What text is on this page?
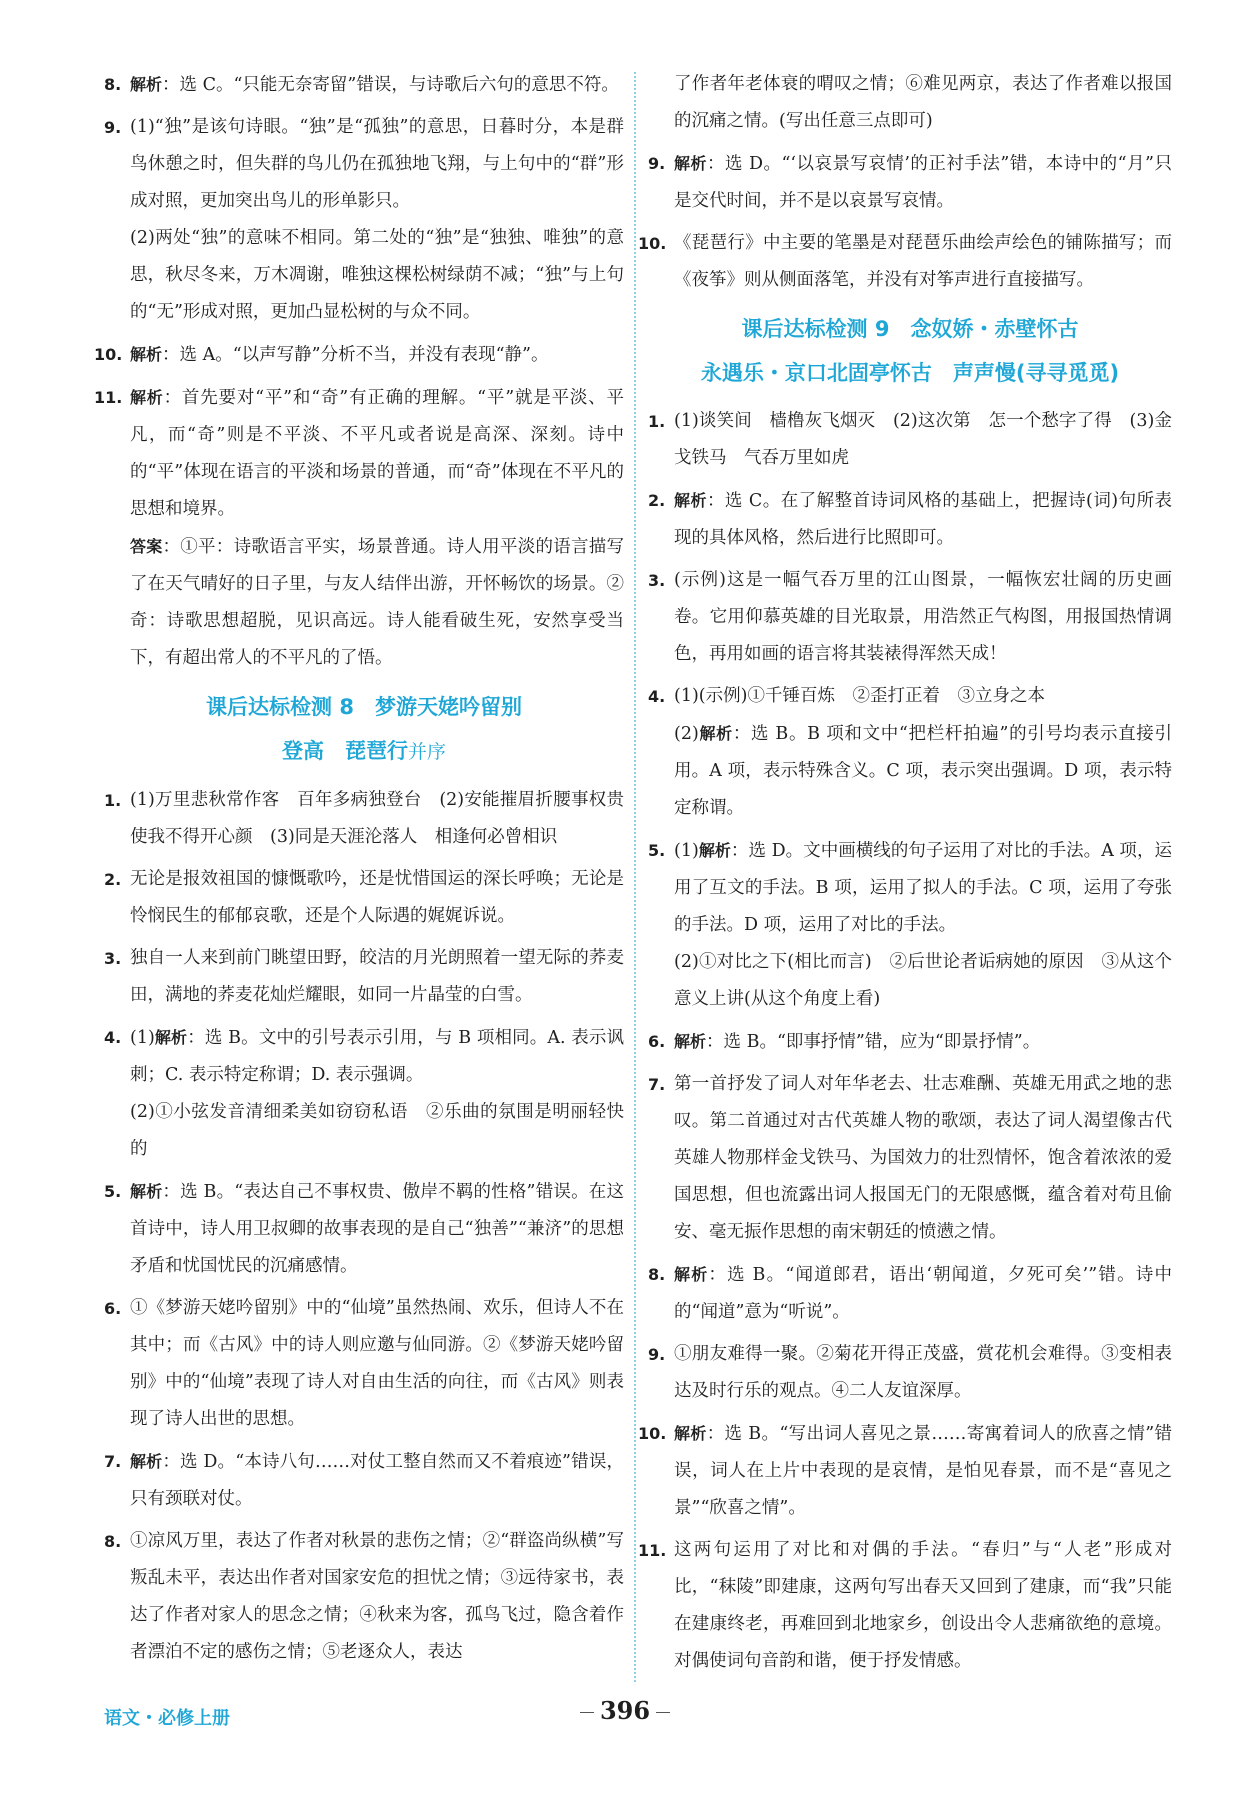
8. 解析：选 C。“只能无奈寄留”错误，与诗歌后六句的意思不符。
9. (1)“独”是该句诗眼。“独”是“孤独”的意思，日暮时分，本是群鸟休憩之时，但失群的鸟儿仍在孤独地飞翔，与上句中的“群”形成对照，更加突出鸟儿的形单影只。
(2)两处“独”的意味不相同。第二处的“独”是“独独、唯独”的意思，秋尽冬来，万木凋谢，唯独这棵松树绿荫不减；“独”与上句的“无”形成对照，更加凸显松树的与众不同。
10. 解析：选 A。“以声写静”分析不当，并没有表现“静”。
11. 解析：首先要对“平”和“奇”有正确的理解。“平”就是平淡、平凡，而“奇”则是不平淡、不平凡或者说是高深、深刻。诗中的“平”体现在语言的平淡和场景的普通，而“奇”体现在不平凡的思想和境界。
答案：①平：诗歌语言平实，场景普通。诗人用平淡的语言描写了在天气晴好的日子里，与友人结伴出游，开怀畅饮的场景。②奇：诗歌思想超脱，见识高远。诗人能看破生死，安然享受当下，有超出常人的不平凡的了悟。
课后达标检测 8　梦游天姥吟留别
登高　琵琶行并序
1. (1)万里悲秋常作客　百年多病独登台　(2)安能摧眉折腰事权贵　使我不得开心颜　(3)同是天涯沦落人　相逢何必曾相识
2. 无论是报效祖国的慷慨歌吟，还是忧惜国运的深长呼唤；无论是怜悯民生的郁郁哀歌，还是个人际遇的娓娓诉说。
3. 独自一人来到前门眺望田野，皎洁的月光朗照着一望无际的荞麦田，满地的荞麦花灿烂耀眼，如同一片晶莹的白雪。
4. (1)解析：选 B。文中的引号表示引用，与 B 项相同。A. 表示讽刺；C. 表示特定称谓；D. 表示强调。
(2)①小弦发音清细柔美如窃窃私语　②乐曲的氛围是明丽轻快的
5. 解析：选 B。“表达自己不事权贵、傲岸不羁的性格”错误。在这首诗中，诗人用卫叔卿的故事表现的是自己“独善”“兼济”的思想矛盾和忧国忧民的沉痛感情。
6. ①《梦游天姥吟留别》中的“仙境”虽然热闹、欢乐，但诗人不在其中；而《古风》中的诗人则应邀与仙同游。②《梦游天姥吟留别》中的“仙境”表现了诗人对自由生活的向往，而《古风》则表现了诗人出世的思想。
7. 解析：选 D。“本诗八句……对仗工整自然而又不着痕迹”错误，只有颈联对仗。
8. ①凉风万里，表达了作者对秋景的悲伤之情；②“群盗尚纵横”写叛乱未平，表达出作者对国家安危的担忧之情；③远待家书，表达了作者对家人的思念之情；④秋来为客，孤鸟飞过，隐含着作者漂泊不定的感伤之情；⑤老逐众人，表达
了作者年老体衰的喟叹之情；⑥难见两京，表达了作者难以报国的沉痛之情。(写出任意三点即可)
9. 解析：选 D。“‘以哀景写哀情’的正衬手法”错，本诗中的“月”只是交代时间，并不是以哀景写哀情。
10. 《琵琶行》中主要的笔墨是对琵琶乐曲绘声绘色的铺陈描写；而《夜筝》则从侧面落笔，并没有对筝声进行直接描写。
课后达标检测 9　念奴娇・赤壁怀古
永遇乐・京口北固亭怀古　声声慢(寻寻觅觅)
1. (1)谈笑间　樯橹灰飞烟灭　(2)这次第　怎一个愁字了得　(3)金戈铁马　气吞万里如虎
2. 解析：选 C。在了解整首诗词风格的基础上，把握诗(词)句所表现的具体风格，然后进行比照即可。
3. (示例)这是一幅气吞万里的江山图景，一幅恢宏壮阔的历史画卷。它用仰慕英雄的目光取景，用浩然正气构图，用报国热情调色，再用如画的语言将其装裱得浑然天成！
4. (1)(示例)①千锤百炼　②歪打正着　③立身之本
(2)解析：选 B。B 项和文中“把栏杆拍遍”的引号均表示直接引用。A 项，表示特殊含义。C 项，表示突出强调。D 项，表示特定称谓。
5. (1)解析：选 D。文中画横线的句子运用了对比的手法。A 项，运用了互文的手法。B 项，运用了拟人的手法。C 项，运用了夸张的手法。D 项，运用了对比的手法。
(2)①对比之下(相比而言)　②后世论者诟病她的原因　③从这个意义上讲(从这个角度上看)
6. 解析：选 B。“即事抒情”错，应为“即景抒情”。
7. 第一首抒发了词人对年华老去、壮志难酬、英雄无用武之地的悲叹。第二首通过对古代英雄人物的歌颂，表达了词人渴望像古代英雄人物那样金戈铁马、为国效力的壮烈情怀，饱含着浓浓的爱国思想，但也流露出词人报国无门的无限感慨，蕴含着对苟且偷安、毫无振作思想的南宋朝廷的愤懑之情。
8. 解析：选 B。“闻道郎君，语出‘朝闻道，夕死可矣’”错。诗中的“闻道”意为“听说”。
9. ①朋友难得一聚。②菊花开得正茂盛，赏花机会难得。③变相表达及时行乐的观点。④二人友谊深厚。
10. 解析：选 B。“写出词人喜见之景……寄寓着词人的欣喜之情”错误，词人在上片中表现的是哀情，是怕见春景，而不是“喜见之景”“欣喜之情”。
11. 这两句运用了对比和对偶的手法。“春归”与“人老”形成对比，“秣陵”即建康，这两句写出春天又回到了建康，而“我”只能在建康终老，再难回到北地家乡，创设出令人悲痛欲绝的意境。对偶使词句音韵和谐，便于抒发情感。
语文・必修上册	396
